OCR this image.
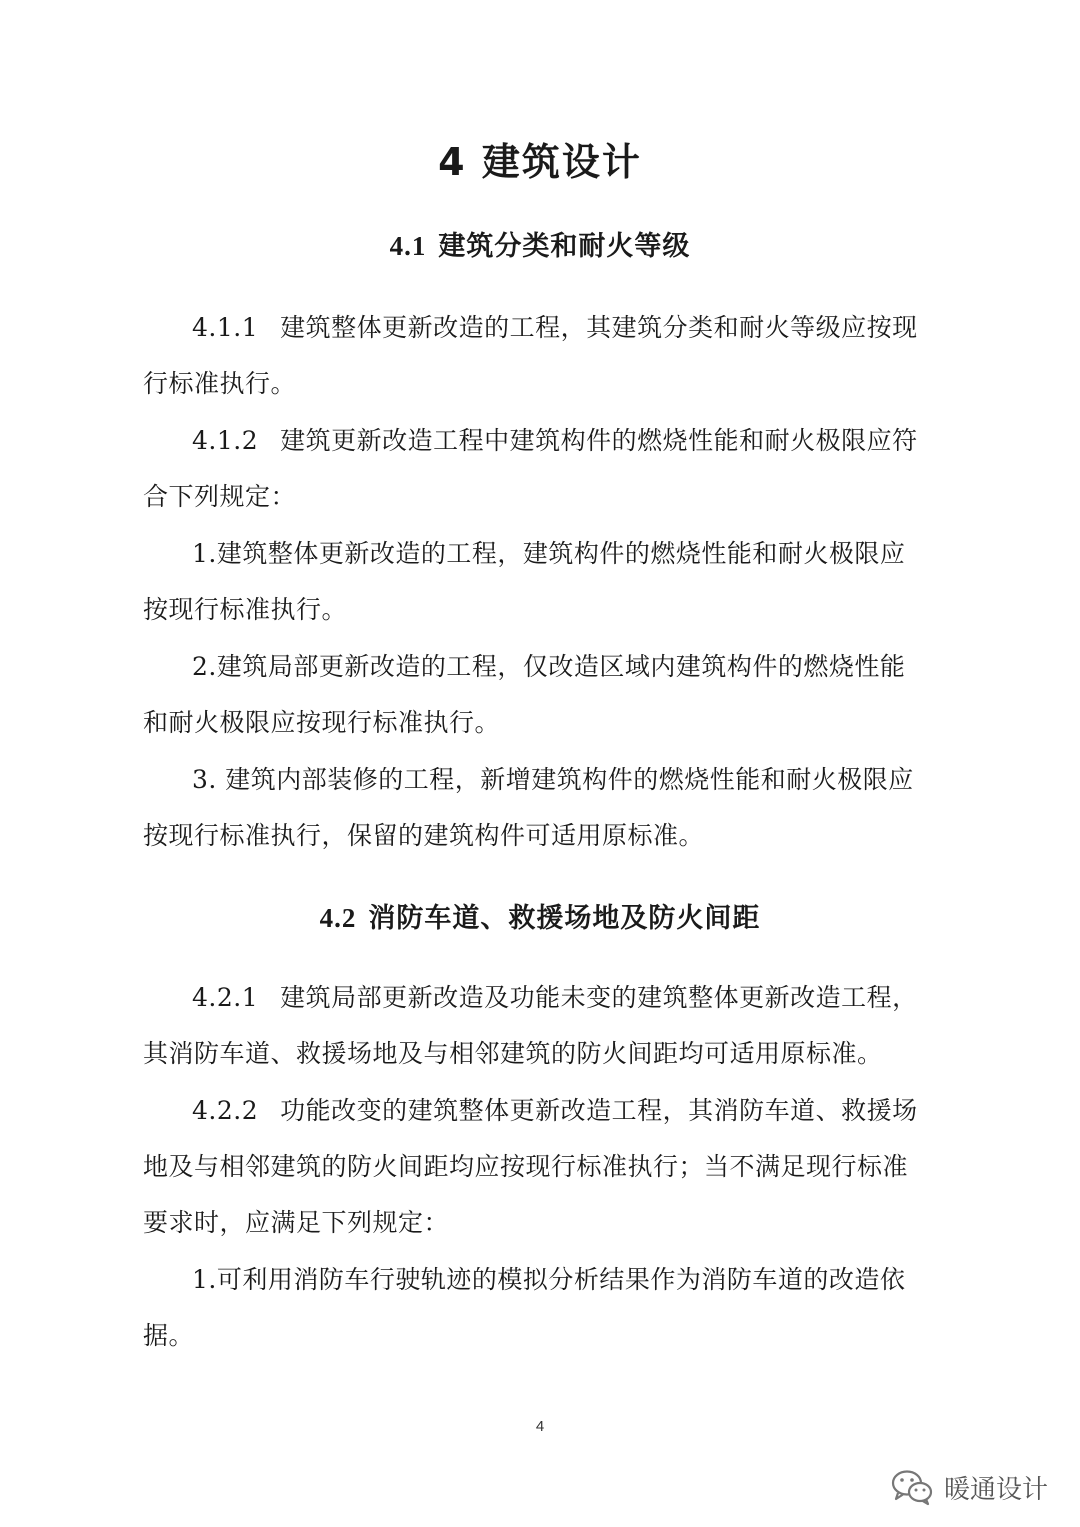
4 建筑设计
4.1 建筑分类和耐火等级
4.1.1 建筑整体更新改造的工程，其建筑分类和耐火等级应按现
行标准执行。
4.1.2 建筑更新改造工程中建筑构件的燃烧性能和耐火极限应符
合下列规定：
1.建筑整体更新改造的工程，建筑构件的燃烧性能和耐火极限应
按现行标准执行。
2.建筑局部更新改造的工程，仅改造区域内建筑构件的燃烧性能
和耐火极限应按现行标准执行。
3. 建筑内部装修的工程，新增建筑构件的燃烧性能和耐火极限应
按现行标准执行，保留的建筑构件可适用原标准。
4.2 消防车道、救援场地及防火间距
4.2.1 建筑局部更新改造及功能未变的建筑整体更新改造工程，
其消防车道、救援场地及与相邻建筑的防火间距均可适用原标准。
4.2.2 功能改变的建筑整体更新改造工程，其消防车道、救援场
地及与相邻建筑的防火间距均应按现行标准执行；当不满足现行标准
要求时，应满足下列规定：
1.可利用消防车行驶轨迹的模拟分析结果作为消防车道的改造依
据。
4
暖通设计
